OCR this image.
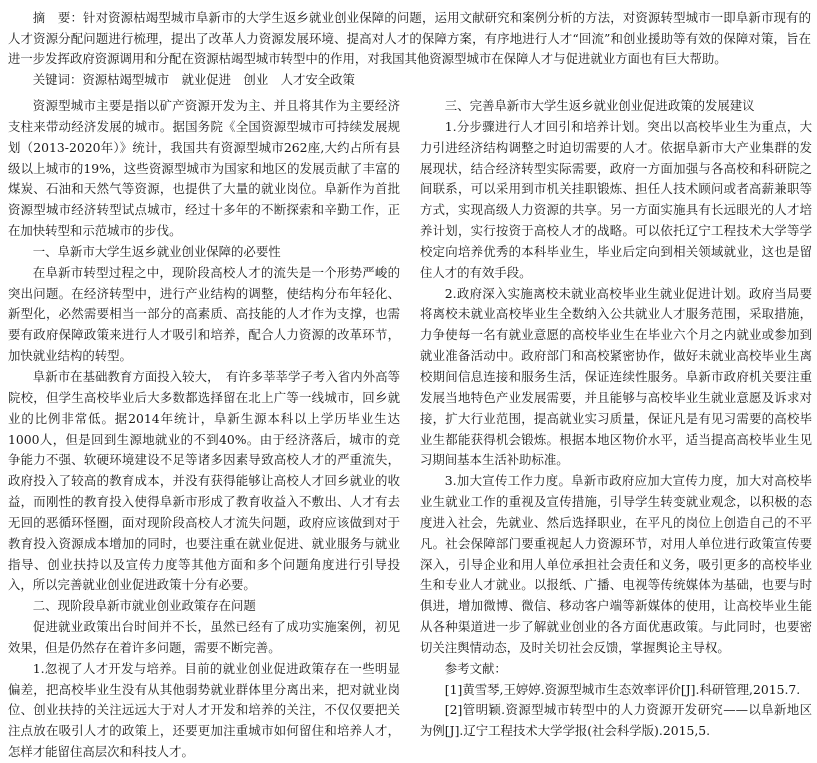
摘　要：针对资源枯竭型城市阜新市的大学生返乡就业创业保障的问题，运用文献研究和案例分析的方法，对资源转型城市一即阜新市现有的人才资源分配问题进行梳理，提出了改革人力资源发展环境、提高对人才的保障方案，有序地进行人才“回流”和创业援助等有效的保障对策，旨在进一步发挥政府资源调用和分配在资源枯竭型城市转型中的作用，对我国其他资源型城市在保障人才与促进就业方面也有巨大帮助。

关键词：资源枯竭型城市　就业促进　创业　人才安全政策

资源型城市主要是指以矿产资源开发为主、并且将其作为主要经济支柱来带动经济发展的城市。据国务院《全国资源型城市可持续发展规划（2013-2020年）》统计，我国共有资源型城市262座,大约占所有县级以上城市的19%，这些资源型城市为国家和地区的发展贡献了丰富的煤炭、石油和天然气等资源，也提供了大量的就业岗位。阜新作为首批资源型城市经济转型试点城市，经过十多年的不断探索和辛勤工作，正在加快转型和示范城市的步伐。

一、阜新市大学生返乡就业创业保障的必要性

在阜新市转型过程之中，现阶段高校人才的流失是一个形势严峻的突出问题。在经济转型中，进行产业结构的调整，使结构分布年轻化、新型化，必然需要相当一部分的高素质、高技能的人才作为支撑，也需要有政府保障政策来进行人才吸引和培养，配合人力资源的改革环节，加快就业结构的转型。

阜新市在基础教育方面投入较大，　有许多莘莘学子考入省内外高等院校，但学生高校毕业后大多数都选择留在北上广等一线城市，回乡就业的比例非常低。据2014年统计，阜新生源本科以上学历毕业生达1000人，但是回到生源地就业的不到40%。由于经济落后，城市的竞争能力不强、软硬环境建设不足等诸多因素导致高校人才的严重流失，政府投入了较高的教育成本，并没有获得能够让高校人才回乡就业的收益，而刚性的教育投入使得阜新市形成了教育收益入不敷出、人才有去无回的恶循环怪圈，面对现阶段高校人才流失问题，政府应该做到对于教育投入资源成本增加的同时，也要注重在就业促进、就业服务与就业指导、创业扶持以及宣传力度等其他方面和多个问题角度进行引导投入，所以完善就业创业促进政策十分有必要。

二、现阶段阜新市就业创业政策存在问题

促进就业政策出台时间并不长，虽然已经有了成功实施案例，初见效果，但是仍然存在着许多问题，需要不断完善。

1.忽视了人才开发与培养。目前的就业创业促进政策存在一些明显偏差，把高校毕业生没有从其他弱势就业群体里分离出来，把对就业岗位、创业扶持的关注远远大于对人才开发和培养的关注，不仅仅要把关注点放在吸引人才的政策上，还要更加注重城市如何留住和培养人才，怎样才能留住高层次和科技人才。

三、完善阜新市大学生返乡就业创业促进政策的发展建议

1.分步骤进行人才回引和培养计划。突出以高校毕业生为重点，大力引进经济结构调整之时迫切需要的人才。依据阜新市大产业集群的发展现状，结合经济转型实际需要，政府一方面加强与各高校和科研院之间联系，可以采用到市机关挂职锻炼、担任人技术顾问或者高薪兼职等方式，实现高级人力资源的共享。另一方面实施具有长远眼光的人才培养计划，实行按资于高校人才的战略。可以依托辽宁工程技术大学等学校定向培养优秀的本科毕业生，毕业后定向到相关领域就业，这也是留住人才的有效手段。

2.政府深入实施离校未就业高校毕业生就业促进计划。政府当局要将离校未就业高校毕业生全数纳入公共就业人才服务范围，采取措施，力争使每一名有就业意愿的高校毕业生在毕业六个月之内就业或参加到就业准备活动中。政府部门和高校紧密协作，做好未就业高校毕业生离校期间信息连接和服务生活，保证连续性服务。阜新市政府机关要注重发展当地特色产业发展需要，并且能够与高校毕业生就业意愿及诉求对接，扩大行业范围，提高就业实习质量，保证凡是有见习需要的高校毕业生都能获得机会锻炼。根据本地区物价水平，适当提高高校毕业生见习期间基本生活补助标准。

3.加大宣传工作力度。阜新市政府应加大宣传力度，加大对高校毕业生就业工作的重视及宣传措施，引导学生转变就业观念，以积极的态度进入社会，先就业、然后选择职业，在平凡的岗位上创造自己的不平凡。社会保障部门要重视起人力资源环节，对用人单位进行政策宣传要深入，引导企业和用人单位承担社会责任和义务，吸引更多的高校毕业生和专业人才就业。以报纸、广播、电视等传统媒体为基础，也要与时俱进，增加微博、微信、移动客户端等新媒体的使用，让高校毕业生能从各种渠道进一步了解就业创业的各方面优惠政策。与此同时，也要密切关注舆情动态，及时关切社会反馈，掌握舆论主导权。

参考文献：

[1]黄雪琴,王婷婷.资源型城市生态效率评价[J].科研管理,2015.7.

[2]管明颖.资源型城市转型中的人力资源开发研究——以阜新地区为例[J].辽宁工程技术大学学报(社会科学版).2015,5.
